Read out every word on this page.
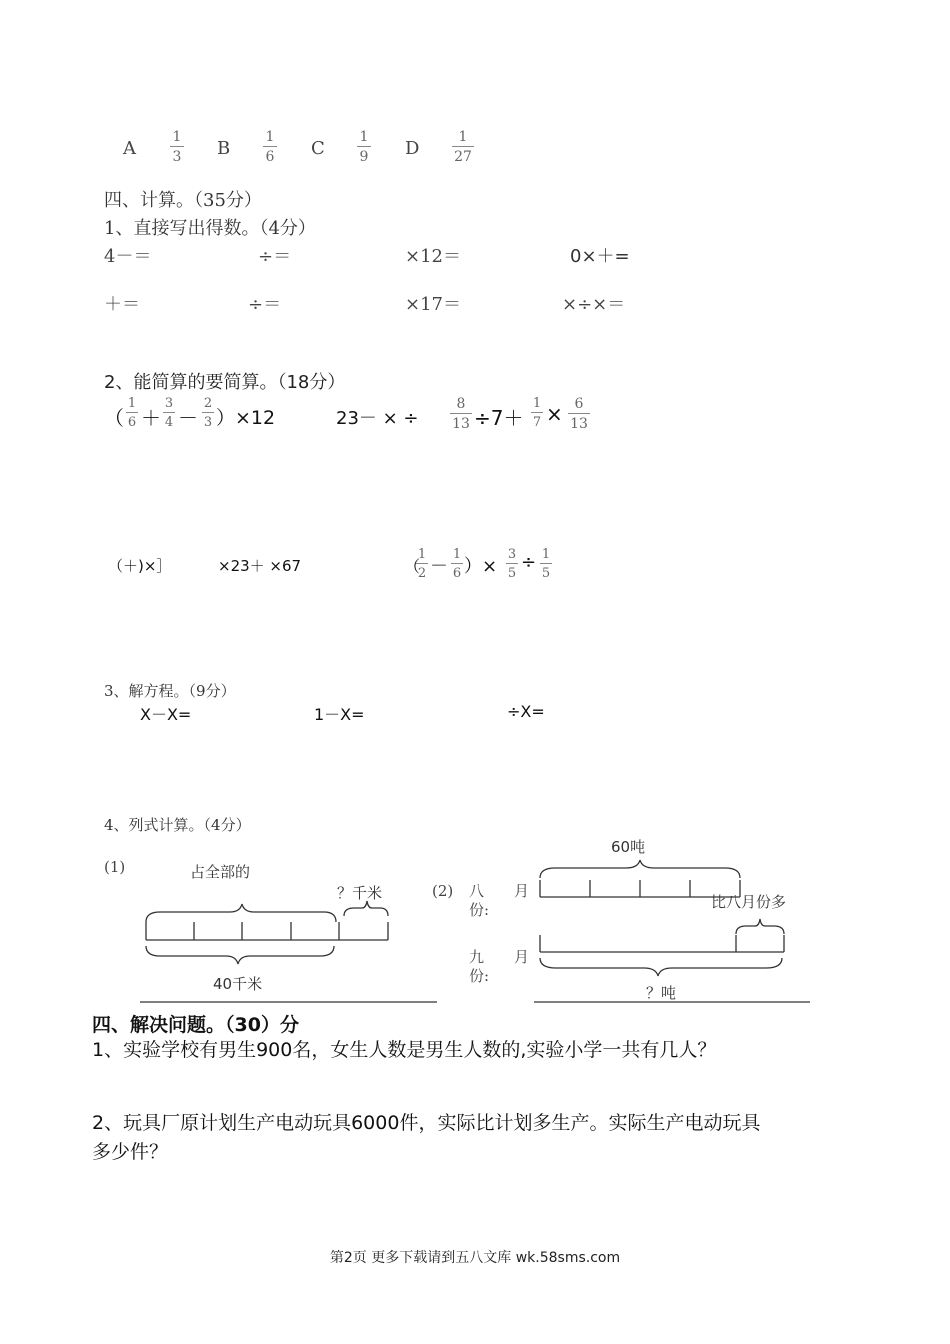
A
1
3 B
1
6 C
1
9 D
1
27
四、计算。（35分）
1、直接写出得数。（4分）
4－＝	÷＝	×12＝	0×＋=
＋＝	÷＝	×17＝	×÷×＝
2、能简算的要简算。（18分）
（
1
6 ＋
3
4 －
2
3 ）×12	23－ × ÷
8
13 ÷7＋
1
7 × 6
13
（＋)×］	×23＋ ×67	（
1
2 －
1
6 ）×
3
5
÷ 1
5
3、解方程。（9分）
X－X=	1－X=	÷X=
4、列式计算。（4分）
(1)	占全部的
？千米
40千米
(2) 八
份:
月
九
份:
月
60吨
比八月份多
？吨
四、解决问题。（30）分
1、实验学校有男生900名，女生人数是男生人数的,实验小学一共有几人？
2、玩具厂原计划生产电动玩具6000件，实际比计划多生产。实际生产电动玩具
多少件？
第2页 更多下载请到五八文库 wk.58sms.com
